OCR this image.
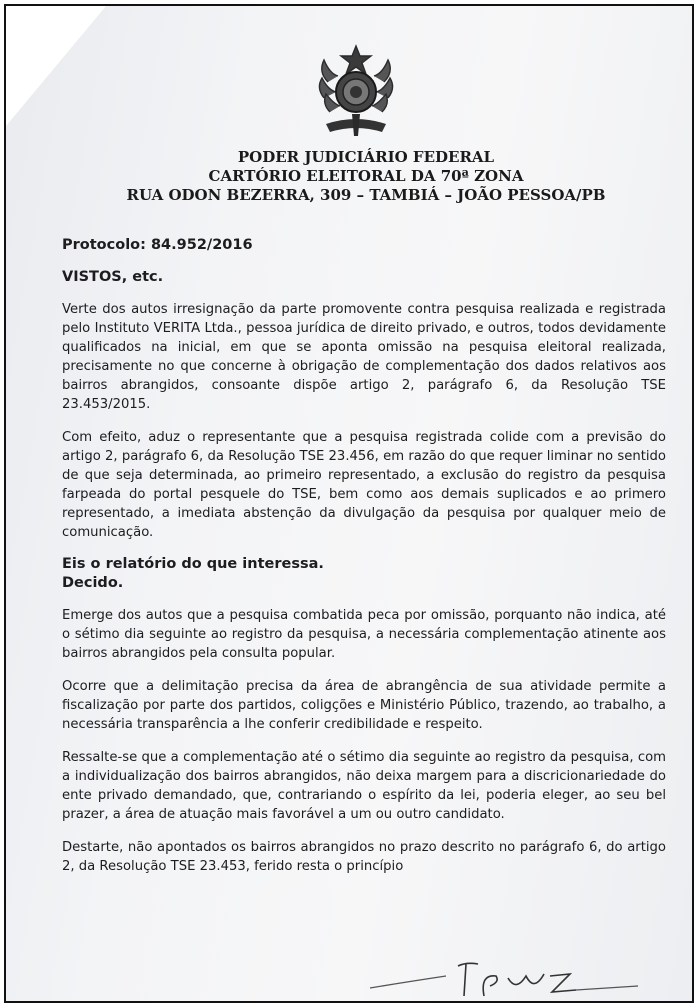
PODER JUDICIÁRIO FEDERAL
CARTÓRIO ELEITORAL DA 70ª ZONA
RUA ODON BEZERRA, 309 – TAMBIÁ – JOÃO PESSOA/PB

Protocolo: 84.952/2016

VISTOS, etc.

Verte dos autos irresignação da parte promovente contra pesquisa realizada e registrada pelo Instituto VERITA Ltda., pessoa jurídica de direito privado, e outros, todos devidamente qualificados na inicial, em que se aponta omissão na pesquisa eleitoral realizada, precisamente no que concerne à obrigação de complementação dos dados relativos aos bairros abrangidos, consoante dispõe artigo 2, parágrafo 6, da Resolução TSE 23.453/2015.

Com efeito, aduz o representante que a pesquisa registrada colide com a previsão do artigo 2, parágrafo 6, da Resolução TSE 23.456, em razão do que requer liminar no sentido de que seja determinada, ao primeiro representado, a exclusão do registro da pesquisa farpeada do portal pesquele do TSE, bem como aos demais suplicados e ao primero representado, a imediata abstenção da divulgação da pesquisa por qualquer meio de comunicação.

Eis o relatório do que interessa.

Decido.

Emerge dos autos que a pesquisa combatida peca por omissão, porquanto não indica, até o sétimo dia seguinte ao registro da pesquisa, a necessária complementação atinente aos bairros abrangidos pela consulta popular.

Ocorre que a delimitação precisa da área de abrangência de sua atividade permite a fiscalização por parte dos partidos, coligções e Ministério Público, trazendo, ao trabalho, a necessária transparência a lhe conferir credibilidade e respeito.

Ressalte-se que a complementação até o sétimo dia seguinte ao registro da pesquisa, com a individualização dos bairros abrangidos, não deixa margem para a discricionariedade do ente privado demandado, que, contrariando o espírito da lei, poderia eleger, ao seu bel prazer, a área de atuação mais favorável a um ou outro candidato.

Destarte, não apontados os bairros abrangidos no prazo descrito no parágrafo 6, do artigo 2, da Resolução TSE 23.453, ferido resta o princípio
